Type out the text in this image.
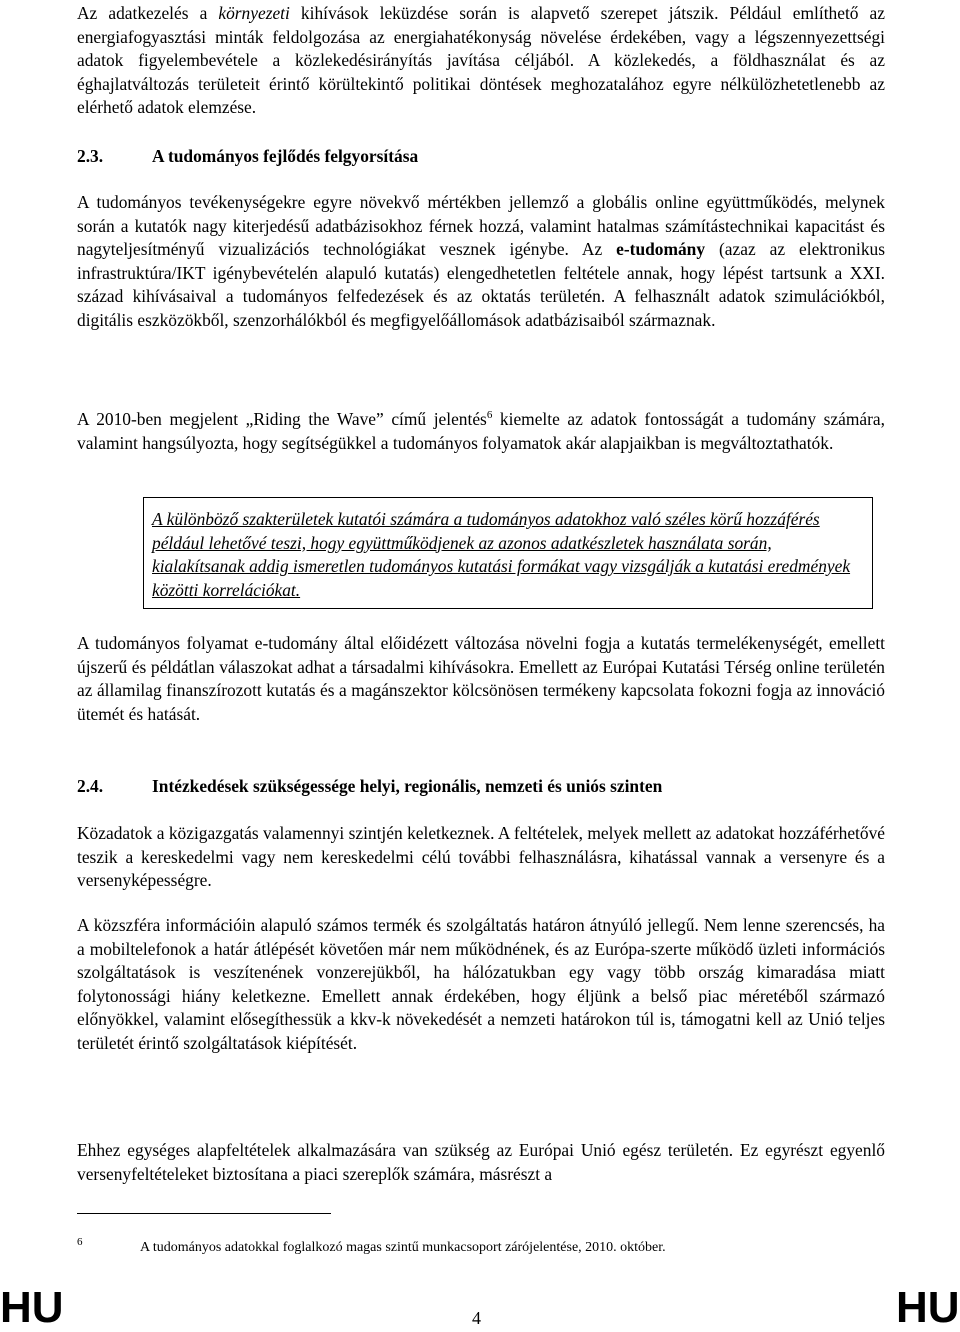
Az adatkezelés a környezeti kihívások leküzdése során is alapvető szerepet játszik. Például említhető az energiafogyasztási minták feldolgozása az energiahatékonyság növelése érdekében, vagy a légszennyezettségi adatok figyelembevétele a közlekedésirányítás javítása céljából. A közlekedés, a földhasználat és az éghajlatváltozás területeit érintő körültekintő politikai döntések meghozatalához egyre nélkülözhetetlenebb az elérhető adatok elemzése.

2.3.	A tudományos fejlődés felgyorsítása

A tudományos tevékenységekre egyre növekvő mértékben jellemző a globális online együttműködés, melynek során a kutatók nagy kiterjedésű adatbázisokhoz férnek hozzá, valamint hatalmas számítástechnikai kapacitást és nagyteljesítményű vizualizációs technológiákat vesznek igénybe. Az e-tudomány (azaz az elektronikus infrastruktúra/IKT igénybevételén alapuló kutatás) elengedhetetlen feltétele annak, hogy lépést tartsunk a XXI. század kihívásaival a tudományos felfedezések és az oktatás területén. A felhasznált adatok szimulációkból, digitális eszközökből, szenzorhálókból és megfigyelőállomások adatbázisaiból származnak.

A 2010-ben megjelent „Riding the Wave” című jelentés$^6$ kiemelte az adatok fontosságát a tudomány számára, valamint hangsúlyozta, hogy segítségükkel a tudományos folyamatok akár alapjaikban is megváltoztathatók.

A különböző szakterületek kutatói számára a tudományos adatokhoz való széles körű hozzáférés például lehetővé teszi, hogy együttműködjenek az azonos adatkészletek használata során, kialakítsanak addig ismeretlen tudományos kutatási formákat vagy vizsgálják a kutatási eredmények közötti korrelációkat.

A tudományos folyamat e-tudomány által előidézett változása növelni fogja a kutatás termelékenységét, emellett újszerű és példátlan válaszokat adhat a társadalmi kihívásokra. Emellett az Európai Kutatási Térség online területén az államilag finanszírozott kutatás és a magánszektor kölcsönösen termékeny kapcsolata fokozni fogja az innováció ütemét és hatását.

2.4.	Intézkedések szükségessége helyi, regionális, nemzeti és uniós szinten

Közadatok a közigazgatás valamennyi szintjén keletkeznek. A feltételek, melyek mellett az adatokat hozzáférhetővé teszik a kereskedelmi vagy nem kereskedelmi célú további felhasználásra, kihatással vannak a versenyre és a versenyképességre.

A közszféra információin alapuló számos termék és szolgáltatás határon átnyúló jellegű. Nem lenne szerencsés, ha a mobiltelefonok a határ átlépését követően már nem működnének, és az Európa-szerte működő üzleti információs szolgáltatások is veszítenének vonzerejükből, ha hálózatukban egy vagy több ország kimaradása miatt folytonossági hiány keletkezne. Emellett annak érdekében, hogy éljünk a belső piac méretéből származó előnyökkel, valamint elősegíthessük a kkv-k növekedését a nemzeti határokon túl is, támogatni kell az Unió teljes területét érintő szolgáltatások kiépítését.

Ehhez egységes alapfeltételek alkalmazására van szükség az Európai Unió egész területén. Ez egyrészt egyenlő versenyfeltételeket biztosítana a piaci szereplők számára, másrészt a

6	A tudományos adatokkal foglalkozó magas szintű munkacsoport zárójelentése, 2010. október.
HU	4	HU
